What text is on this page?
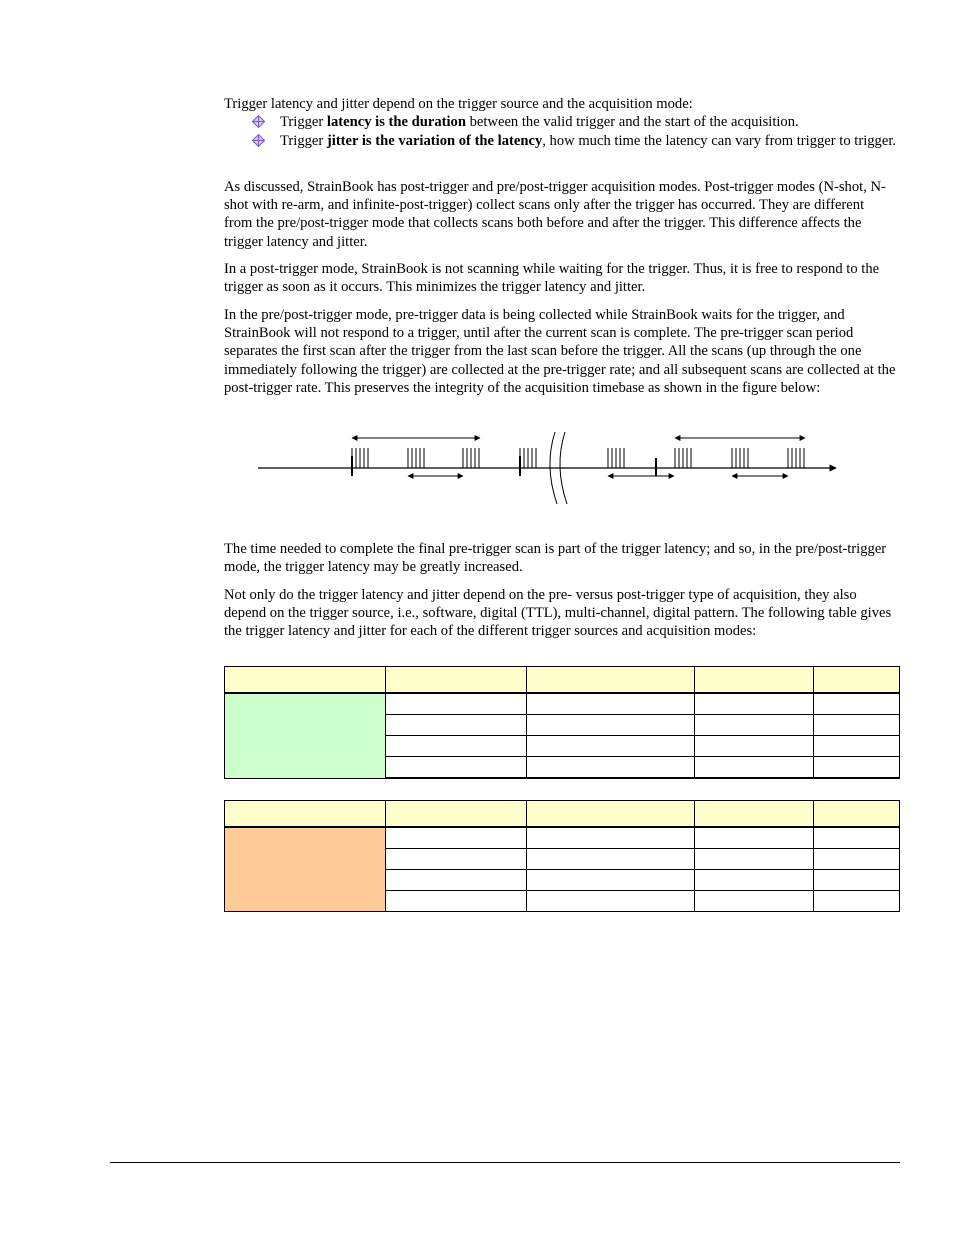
Trigger latency and jitter depend on the trigger source and the acquisition mode:

Trigger latency is the duration between the valid trigger and the start of the acquisition.
Trigger jitter is the variation of the latency, how much time the latency can vary from trigger to trigger.

As discussed, StrainBook has post-trigger and pre/post-trigger acquisition modes. Post-trigger modes (N-shot, N-shot with re-arm, and infinite-post-trigger) collect scans only after the trigger has occurred. They are different from the pre/post-trigger mode that collects scans both before and after the trigger. This difference affects the trigger latency and jitter.

In a post-trigger mode, StrainBook is not scanning while waiting for the trigger. Thus, it is free to respond to the trigger as soon as it occurs. This minimizes the trigger latency and jitter.

In the pre/post-trigger mode, pre-trigger data is being collected while StrainBook waits for the trigger, and StrainBook will not respond to a trigger, until after the current scan is complete. The pre-trigger scan period separates the first scan after the trigger from the last scan before the trigger. All the scans (up through the one immediately following the trigger) are collected at the pre-trigger rate; and all subsequent scans are collected at the post-trigger rate. This preserves the integrity of the acquisition timebase as shown in the figure below:

The time needed to complete the final pre-trigger scan is part of the trigger latency; and so, in the pre/post-trigger mode, the trigger latency may be greatly increased.

Not only do the trigger latency and jitter depend on the pre- versus post-trigger type of acquisition, they also depend on the trigger source, i.e., software, digital (TTL), multi-channel, digital pattern. The following table gives the trigger latency and jitter for each of the different trigger sources and acquisition modes:
